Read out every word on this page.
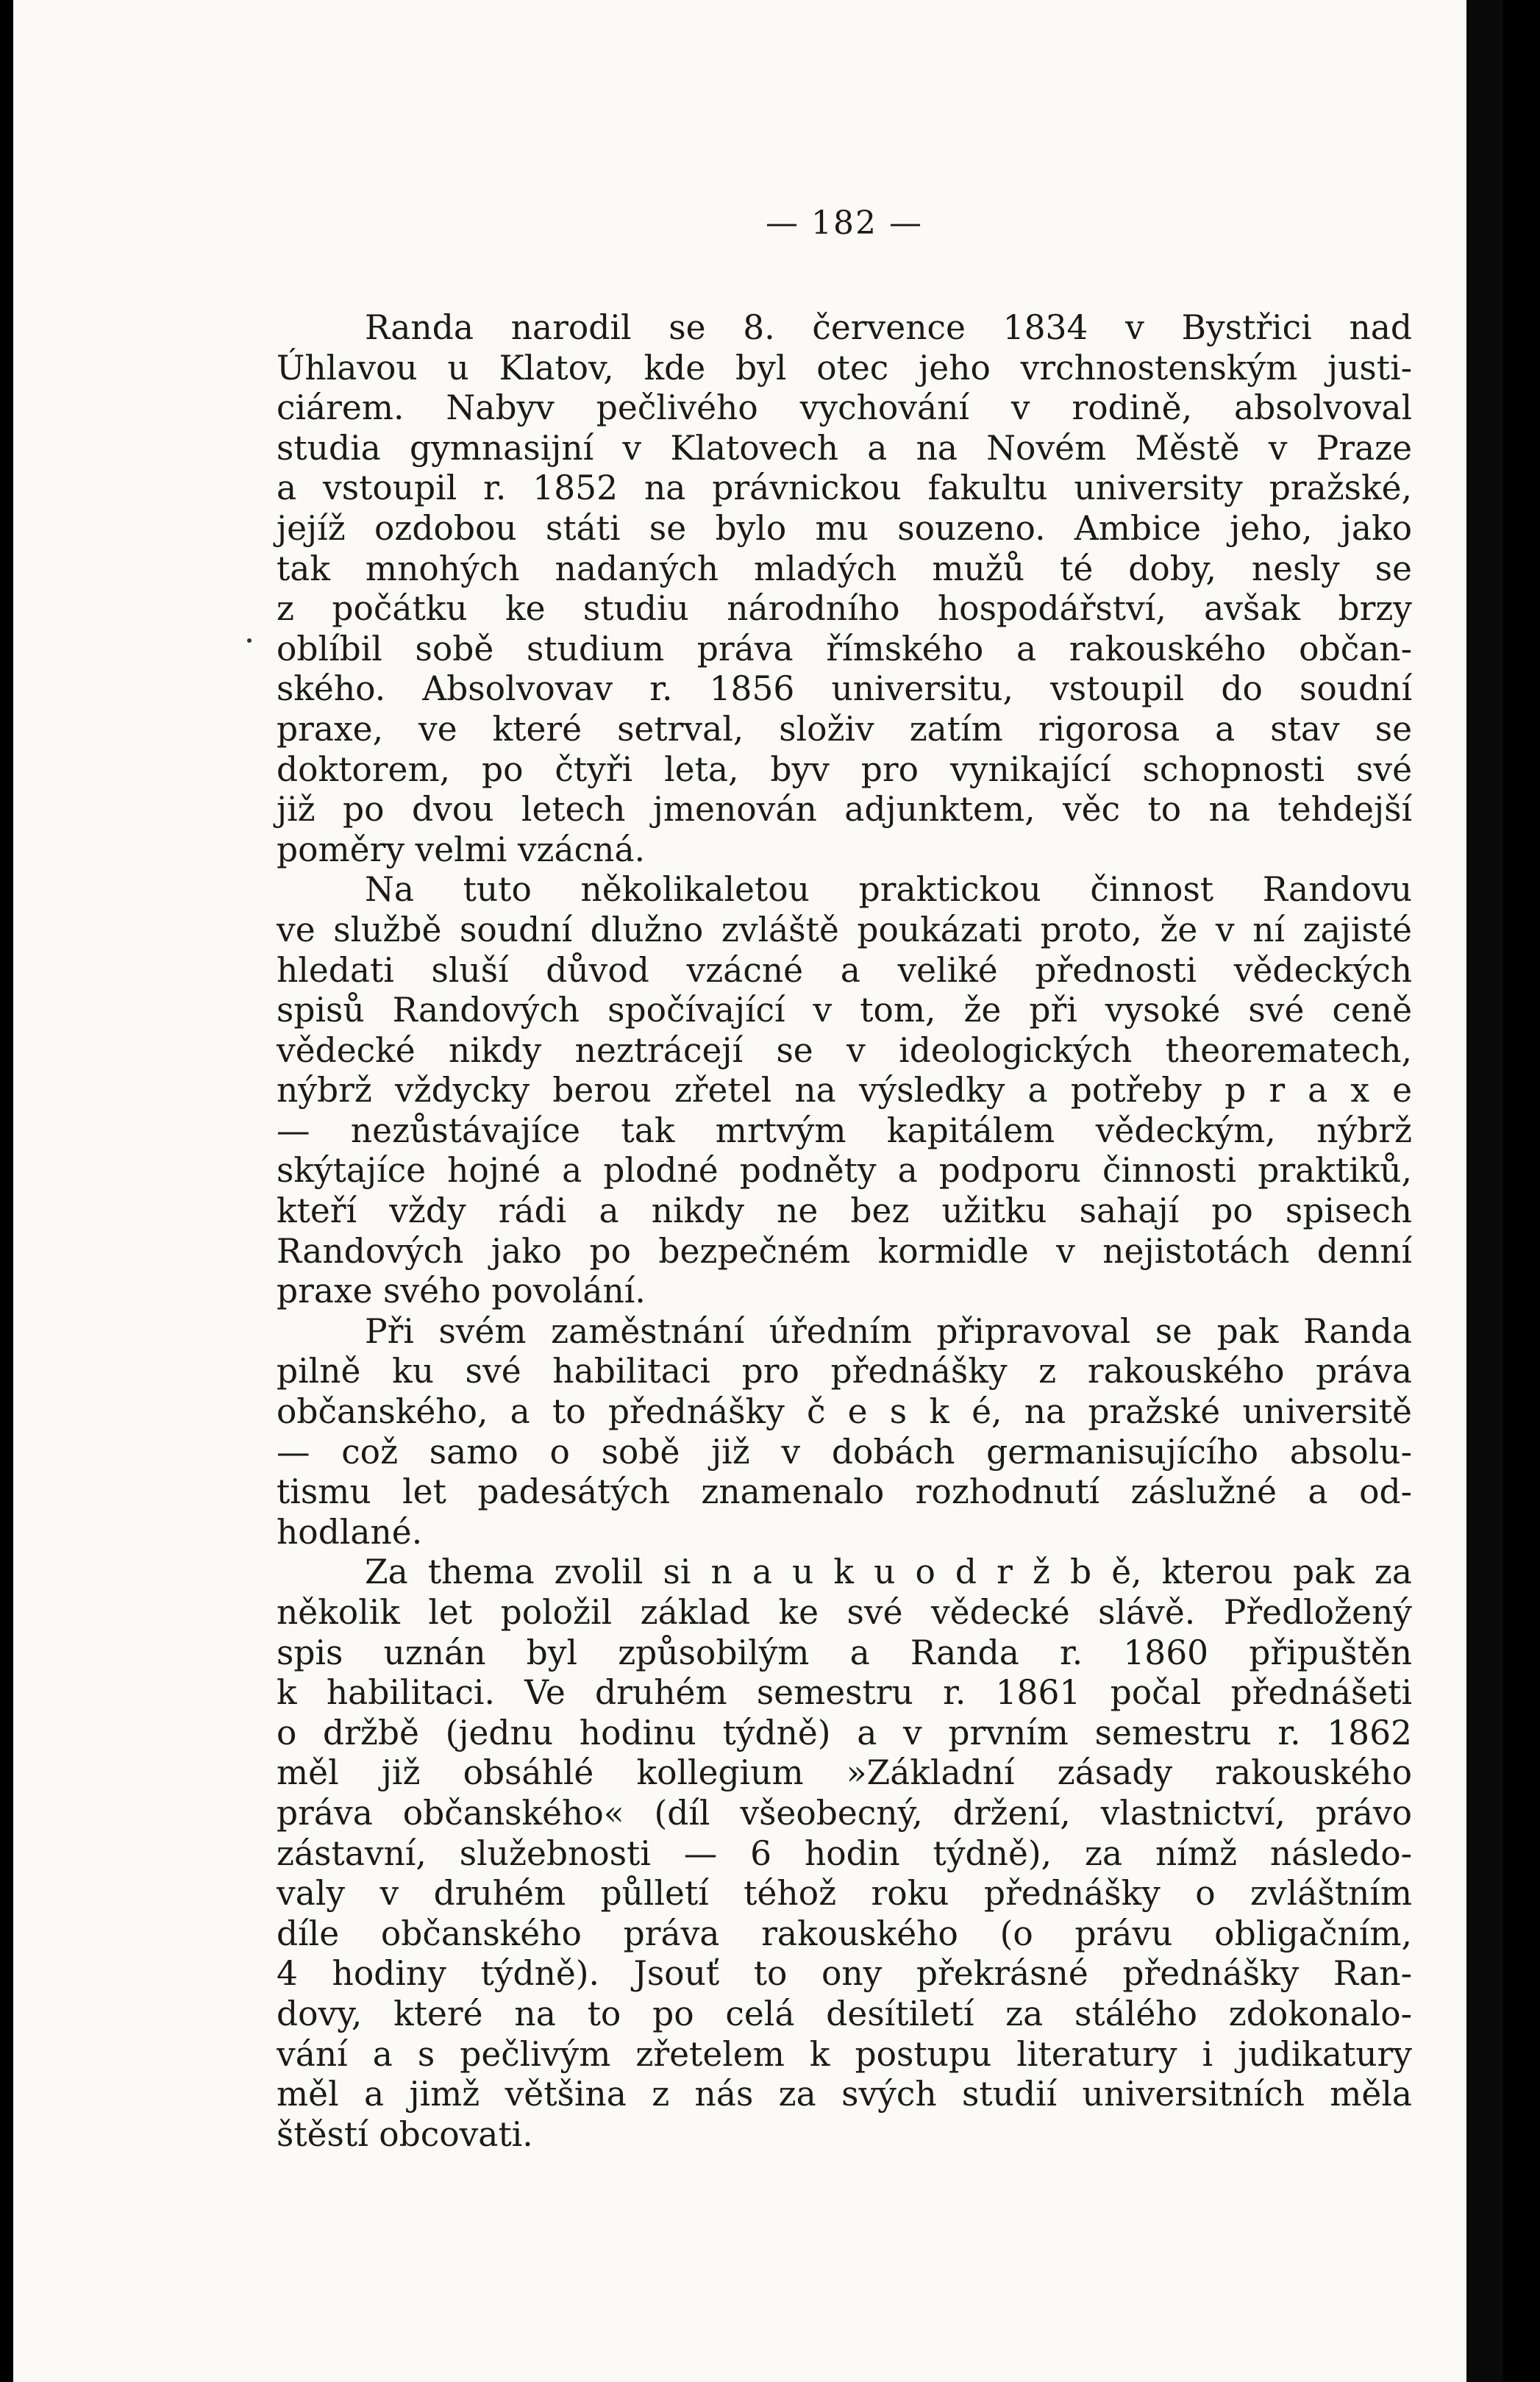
— 182 —
Randa narodil se 8. července 1834 v Bystřici nad
Úhlavou u Klatov, kde byl otec jeho vrchnostenským justi-
ciárem. Nabyv pečlivého vychování v rodině, absolvoval
studia gymnasijní v Klatovech a na Novém Městě v Praze
a vstoupil r. 1852 na právnickou fakultu university pražské,
jejíž ozdobou státi se bylo mu souzeno. Ambice jeho, jako
tak mnohých nadaných mladých mužů té doby, nesly se
z počátku ke studiu národního hospodářství, avšak brzy
oblíbil sobě studium práva římského a rakouského občan-
ského. Absolvovav r. 1856 universitu, vstoupil do soudní
praxe, ve které setrval, složiv zatím rigorosa a stav se
doktorem, po čtyři leta, byv pro vynikající schopnosti své
již po dvou letech jmenován adjunktem, věc to na tehdejší
poměry velmi vzácná.
Na tuto několikaletou praktickou činnost Randovu
ve službě soudní dlužno zvláště poukázati proto, že v ní zajisté
hledati sluší důvod vzácné a veliké přednosti vědeckých
spisů Randových spočívající v tom, že při vysoké své ceně
vědecké nikdy neztrácejí se v ideologických theorematech,
nýbrž vždycky berou zřetel na výsledky a potřeby p r a x e
— nezůstávajíce tak mrtvým kapitálem vědeckým, nýbrž
skýtajíce hojné a plodné podněty a podporu činnosti praktiků,
kteří vždy rádi a nikdy ne bez užitku sahají po spisech
Randových jako po bezpečném kormidle v nejistotách denní
praxe svého povolání.
Při svém zaměstnání úředním připravoval se pak Randa
pilně ku své habilitaci pro přednášky z rakouského práva
občanského, a to přednášky č e s k é, na pražské universitě
— což samo o sobě již v dobách germanisujícího absolu-
tismu let padesátých znamenalo rozhodnutí záslužné a od-
hodlané.
Za thema zvolil si n a u k u o d r ž b ě, kterou pak za
několik let položil základ ke své vědecké slávě. Předložený
spis uznán byl způsobilým a Randa r. 1860 připuštěn
k habilitaci. Ve druhém semestru r. 1861 počal přednášeti
o držbě (jednu hodinu týdně) a v prvním semestru r. 1862
měl již obsáhlé kollegium »Základní zásady rakouského
práva občanského« (díl všeobecný, držení, vlastnictví, právo
zástavní, služebnosti — 6 hodin týdně), za nímž následo-
valy v druhém půlletí téhož roku přednášky o zvláštním
díle občanského práva rakouského (o právu obligačním,
4 hodiny týdně). Jsouť to ony překrásné přednášky Ran-
dovy, které na to po celá desítiletí za stálého zdokonalo-
vání a s pečlivým zřetelem k postupu literatury i judikatury
měl a jimž většina z nás za svých studií universitních měla
štěstí obcovati.
